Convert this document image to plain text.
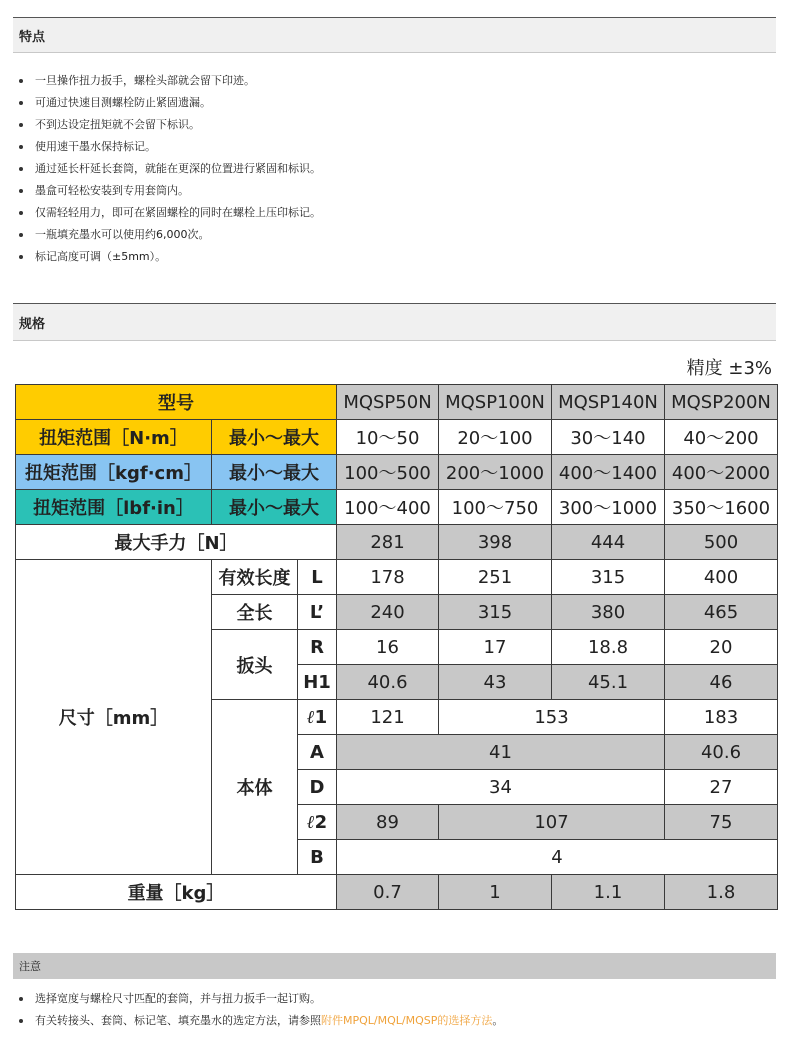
特点
一旦操作扭力扳手，螺栓头部就会留下印迹。
可通过快速目测螺栓防止紧固遗漏。
不到达设定扭矩就不会留下标识。
使用速干墨水保持标记。
通过延长杆延长套筒，就能在更深的位置进行紧固和标识。
墨盒可轻松安装到专用套筒内。
仅需轻轻用力，即可在紧固螺栓的同时在螺栓上压印标记。
一瓶填充墨水可以使用约6,000次。
标记高度可调（±5mm）。
规格
精度 ±3%
型号			MQSP50N	MQSP100N	MQSP140N	MQSP200N
扭矩范围［N·m］	最小～最大		10～50	20～100	30～140	40～200
扭矩范围［kgf·cm］	最小～最大		100～500	200～1000	400～1400	400～2000
扭矩范围［lbf·in］	最小～最大		100～400	100～750	300～1000	350～1600
最大手力［N］			281	398	444	500
尺寸［mm］	有效长度	L	178	251	315	400
	全长	L’	240	315	380	465
	扳头	R	16	17	18.8	20
		H1	40.6	43	45.1	46
	本体	ℓ1	121	153		183
		A	41			40.6
		D	34			27
		ℓ2	89	107		75
		B	4			
重量［kg］			0.7	1	1.1	1.8
注意
选择宽度与螺栓尺寸匹配的套筒，并与扭力扳手一起订购。
有关转接头、套筒、标记笔、填充墨水的选定方法，请参照附件MPQL/MQL/MQSP的选择方法。
